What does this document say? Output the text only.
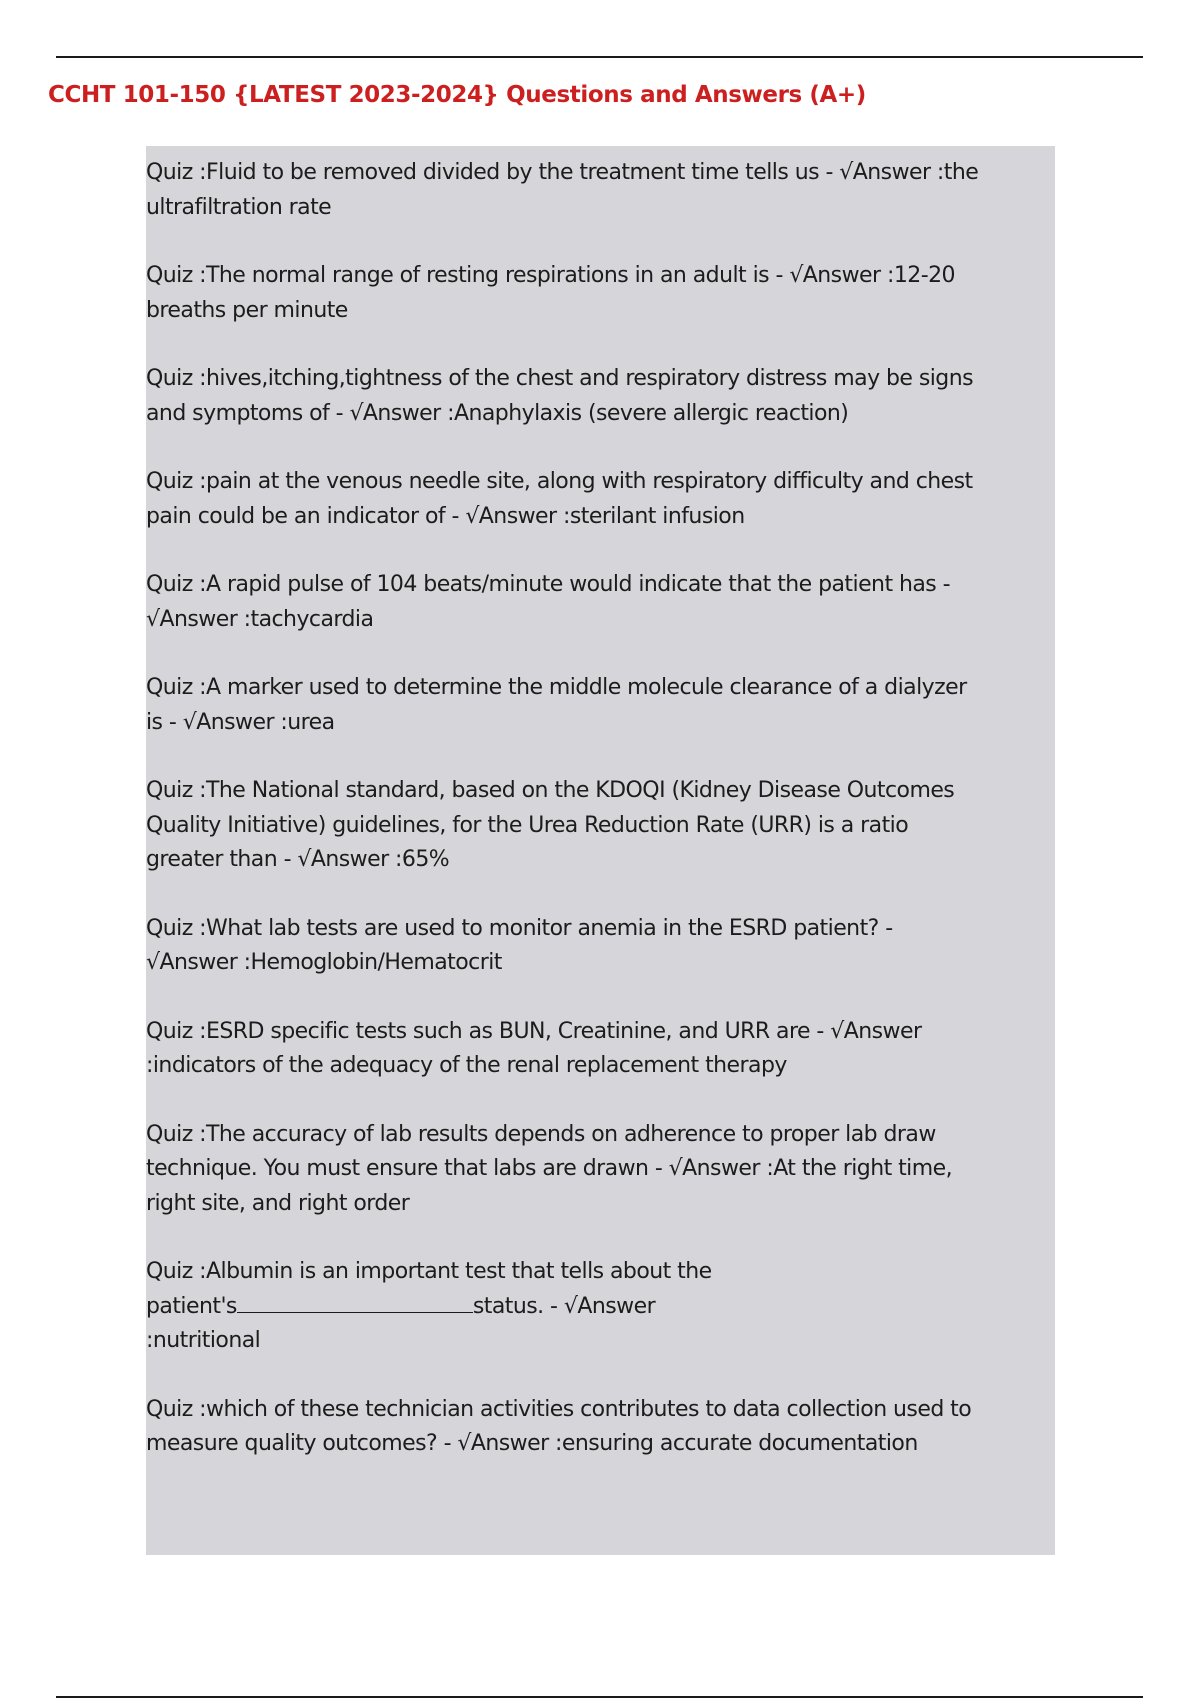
CCHT 101-150 {LATEST 2023-2024} Questions and Answers (A+)
Quiz :Fluid to be removed divided by the treatment time tells us - √Answer :the
ultrafiltration rate
Quiz :The normal range of resting respirations in an adult is - √Answer :12-20
breaths per minute
Quiz :hives,itching,tightness of the chest and respiratory distress may be signs
and symptoms of - √Answer :Anaphylaxis (severe allergic reaction)
Quiz :pain at the venous needle site, along with respiratory difficulty and chest
pain could be an indicator of - √Answer :sterilant infusion
Quiz :A rapid pulse of 104 beats/minute would indicate that the patient has -
√Answer :tachycardia
Quiz :A marker used to determine the middle molecule clearance of a dialyzer
is - √Answer :urea
Quiz :The National standard, based on the KDOQI (Kidney Disease Outcomes
Quality Initiative) guidelines, for the Urea Reduction Rate (URR) is a ratio
greater than - √Answer :65%
Quiz :What lab tests are used to monitor anemia in the ESRD patient? -
√Answer :Hemoglobin/Hematocrit
Quiz :ESRD specific tests such as BUN, Creatinine, and URR are - √Answer
:indicators of the adequacy of the renal replacement therapy
Quiz :The accuracy of lab results depends on adherence to proper lab draw
technique. You must ensure that labs are drawn - √Answer :At the right time,
right site, and right order
Quiz :Albumin is an important test that tells about the
patient's	status. - √Answer
:nutritional
Quiz :which of these technician activities contributes to data collection used to
measure quality outcomes? - √Answer :ensuring accurate documentation
